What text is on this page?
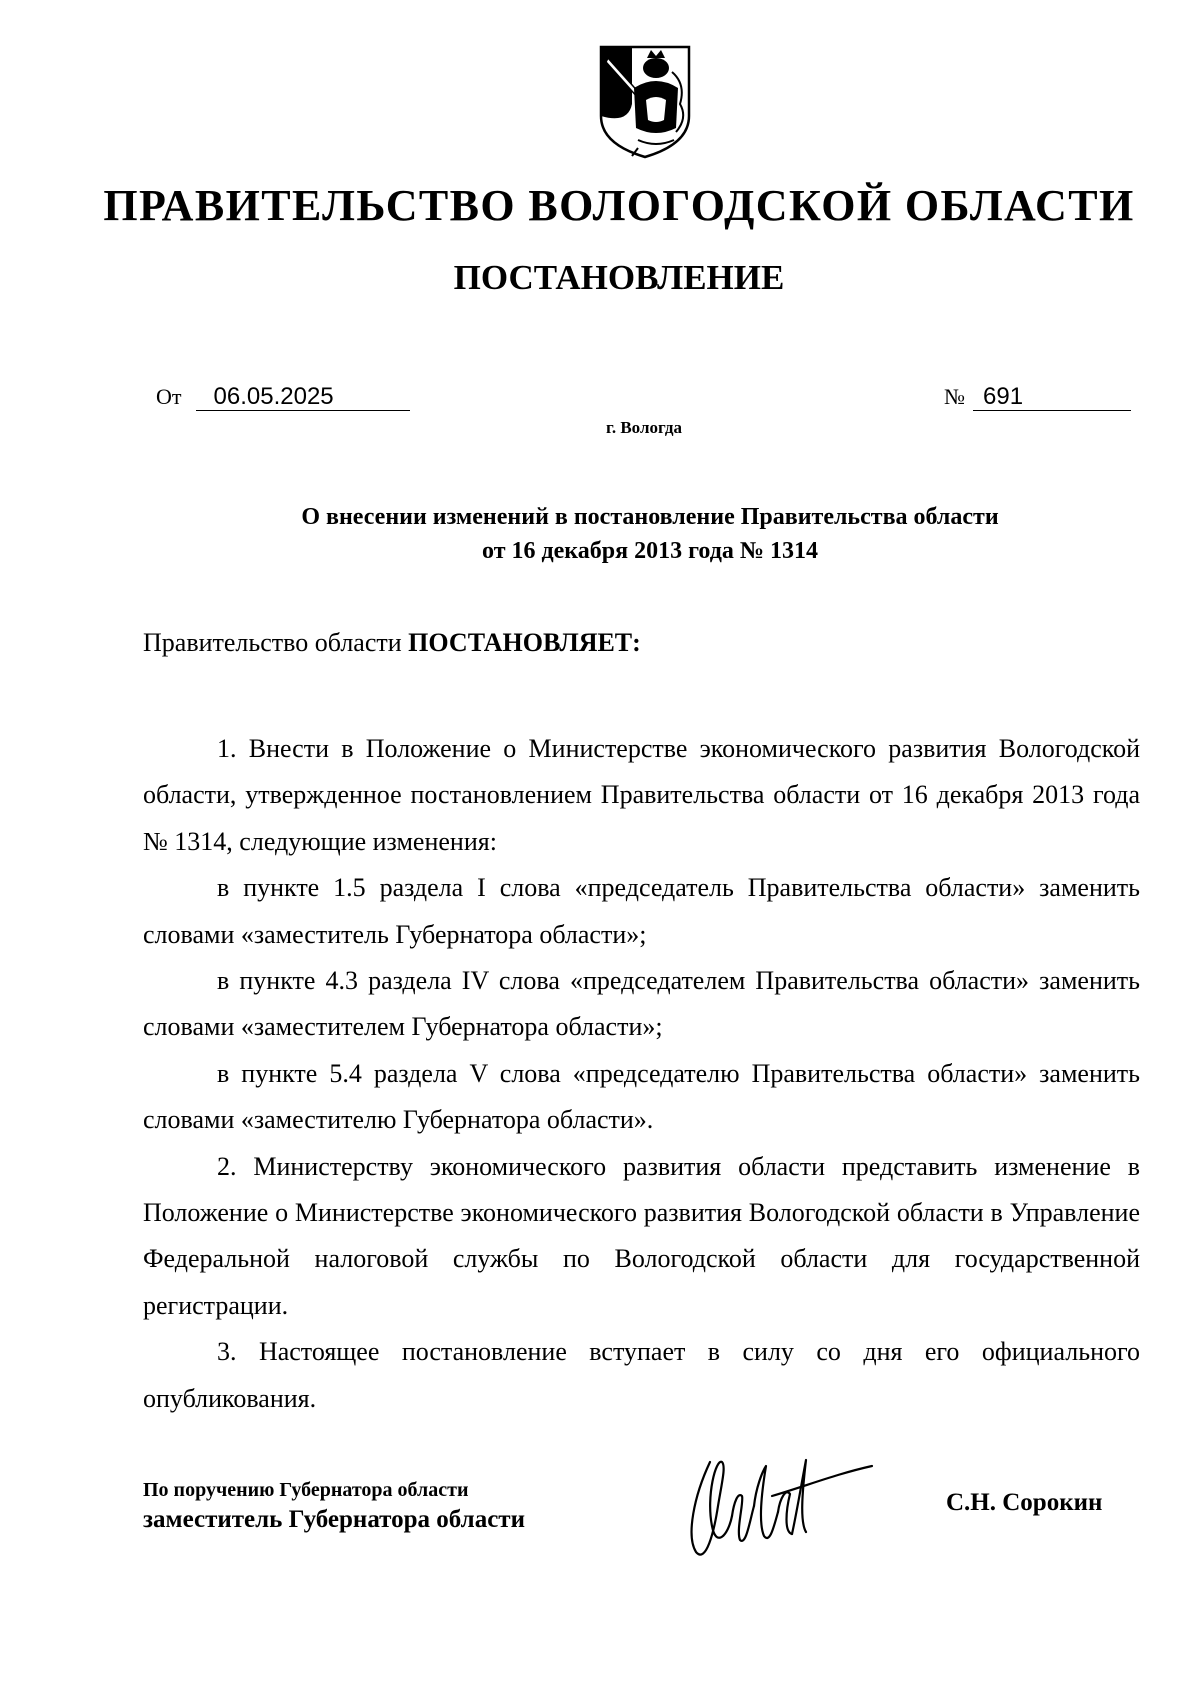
ПРАВИТЕЛЬСТВО ВОЛОГОДСКОЙ ОБЛАСТИ
ПОСТАНОВЛЕНИЕ
От 06.05.2025	№ 691
г. Вологда
О внесении изменений в постановление Правительства области
от 16 декабря 2013 года № 1314
Правительство области ПОСТАНОВЛЯЕТ:

1. Внести в Положение о Министерстве экономического развития Вологодской области, утвержденное постановлением Правительства области от 16 декабря 2013 года № 1314, следующие изменения:

в пункте 1.5 раздела I слова «председатель Правительства области» заменить словами «заместитель Губернатора области»;

в пункте 4.3 раздела IV слова «председателем Правительства области» заменить словами «заместителем Губернатора области»;

в пункте 5.4 раздела V слова «председателю Правительства области» заменить словами «заместителю Губернатора области».

2. Министерству экономического развития области представить изменение в Положение о Министерстве экономического развития Вологодской области в Управление Федеральной налоговой службы по Вологодской области для государственной регистрации.

3. Настоящее постановление вступает в силу со дня его официального опубликования.

По поручению Губернатора области
заместитель Губернатора области
С.Н. Сорокин
